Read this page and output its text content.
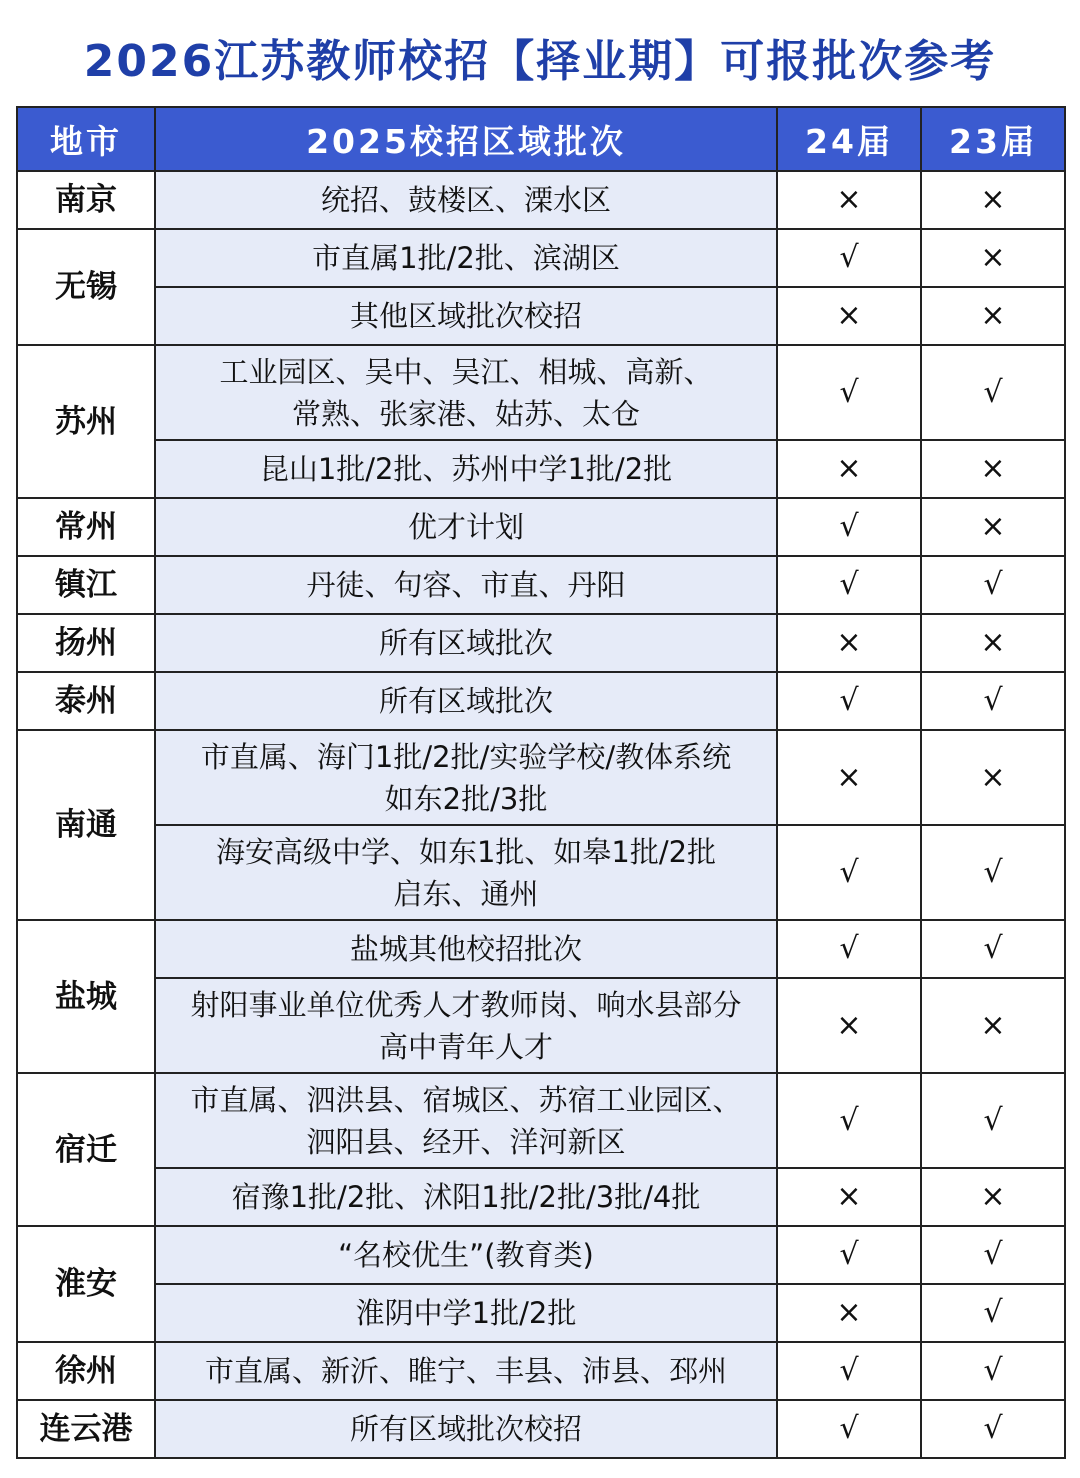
2026江苏教师校招【择业期】可报批次参考
地市	2025校招区域批次	24届	23届
南京	统招、鼓楼区、溧水区	×	×
无锡	市直属1批/2批、滨湖区	√	×

	其他区域批次校招	×	×
苏州	工业园区、吴中、吴江、相城、高新、
常熟、张家港、姑苏、太仓	√	√

	昆山1批/2批、苏州中学1批/2批	×	×
常州	优才计划	√	×
镇江	丹徒、句容、市直、丹阳	√	√
扬州	所有区域批次	×	×
泰州	所有区域批次	√	√
南通	市直属、海门1批/2批/实验学校/教体系统
如东2批/3批	×	×

	海安高级中学、如东1批、如皋1批/2批
启东、通州	√	√
盐城	盐城其他校招批次	√	√

	射阳事业单位优秀人才教师岗、响水县部分
高中青年人才	×	×
宿迁	市直属、泗洪县、宿城区、苏宿工业园区、
泗阳县、经开、洋河新区	√	√

	宿豫1批/2批、沭阳1批/2批/3批/4批	×	×
淮安	“名校优生”(教育类)	√	√

	淮阴中学1批/2批	×	√
徐州	市直属、新沂、睢宁、丰县、沛县、邳州	√	√
连云港	所有区域批次校招	√	√
